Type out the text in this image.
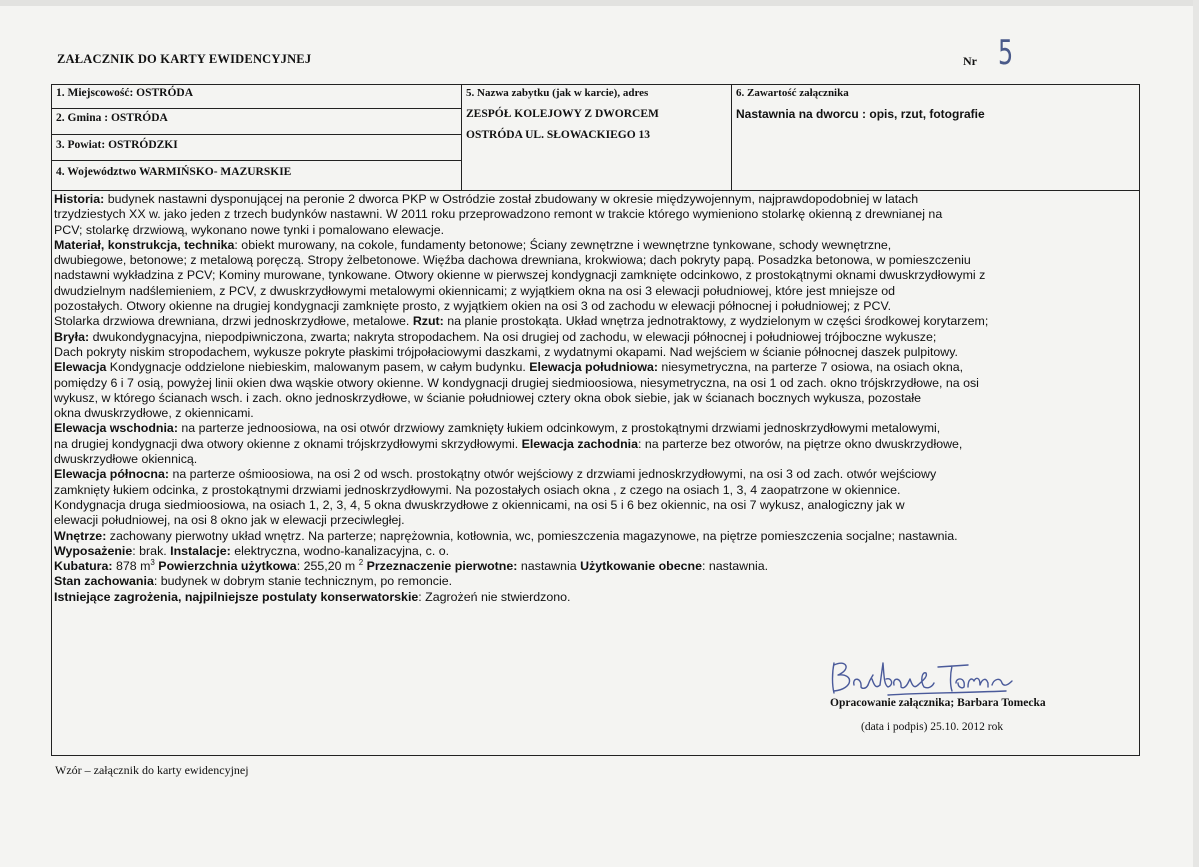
ZAŁACZNIK DO KARTY EWIDENCYJNEJ	Nr 5
1. Miejscowość: OSTRÓDA
2. Gmina : OSTRÓDA
3. Powiat: OSTRÓDZKI
4. Województwo WARMIŃSKO- MAZURSKIE
5. Nazwa zabytku (jak w karcie), adres
ZESPÓŁ KOLEJOWY Z DWORCEM
OSTRÓDA UL. SŁOWACKIEGO 13
6. Zawartość załącznika
Nastawnia na dworcu : opis, rzut, fotografie
Historia: budynek nastawni dysponującej na peronie 2 dworca PKP w Ostródzie został zbudowany w okresie międzywojennym, najprawdopodobniej w latach
trzydziestych XX w. jako jeden z trzech budynków nastawni. W 2011 roku przeprowadzono remont w trakcie którego wymieniono stolarkę okienną z drewnianej na
PCV; stolarkę drzwiową, wykonano nowe tynki i pomalowano elewacje.
Materiał, konstrukcja, technika: obiekt murowany, na cokole, fundamenty betonowe; Ściany zewnętrzne i wewnętrzne tynkowane, schody wewnętrzne,
dwubiegowe, betonowe; z metalową poręczą. Stropy żelbetonowe. Więźba dachowa drewniana, krokwiowa; dach pokryty papą. Posadzka betonowa, w pomieszczeniu
nadstawni wykładzina z PCV; Kominy murowane, tynkowane. Otwory okienne w pierwszej kondygnacji zamknięte odcinkowo, z prostokątnymi oknami dwuskrzydłowymi z
dwudzielnym nadślemieniem, z PCV, z dwuskrzydłowymi metalowymi okiennicami; z wyjątkiem okna na osi 3 elewacji południowej, które jest mniejsze od
pozostałych. Otwory okienne na drugiej kondygnacji zamknięte prosto, z wyjątkiem okien na osi 3 od zachodu w elewacji północnej i południowej; z PCV.
Stolarka drzwiowa drewniana, drzwi jednoskrzydłowe, metalowe. Rzut: na planie prostokąta. Układ wnętrza jednotraktowy, z wydzielonym w części środkowej korytarzem;
Bryła: dwukondygnacyjna, niepodpiwniczona, zwarta; nakryta stropodachem. Na osi drugiej od zachodu, w elewacji północnej i południowej trójboczne wykusze;
Dach pokryty niskim stropodachem, wykusze pokryte płaskimi trójpołaciowymi daszkami, z wydatnymi okapami. Nad wejściem w ścianie północnej daszek pulpitowy.
Elewacja Kondygnacje oddzielone niebieskim, malowanym pasem, w całym budynku. Elewacja południowa: niesymetryczna, na parterze 7 osiowa, na osiach okna,
pomiędzy 6 i 7 osią, powyżej linii okien dwa wąskie otwory okienne. W kondygnacji drugiej siedmioosiowa, niesymetryczna, na osi 1 od zach. okno trójskrzydłowe, na osi
wykusz, w którego ścianach wsch. i zach. okno jednoskrzydłowe, w ścianie południowej cztery okna obok siebie, jak w ścianach bocznych wykusza, pozostałe
okna dwuskrzydłowe, z okiennicami.
Elewacja wschodnia: na parterze jednoosiowa, na osi otwór drzwiowy zamknięty łukiem odcinkowym, z prostokątnymi drzwiami jednoskrzydłowymi metalowymi,
na drugiej kondygnacji dwa otwory okienne z oknami trójskrzydłowymi skrzydłowymi. Elewacja zachodnia: na parterze bez otworów, na piętrze okno dwuskrzydłowe,
dwuskrzydłowe okiennicą.
Elewacja północna: na parterze ośmioosiowa, na osi 2 od wsch. prostokątny otwór wejściowy z drzwiami jednoskrzydłowymi, na osi 3 od zach. otwór wejściowy
zamknięty łukiem odcinka, z prostokątnymi drzwiami jednoskrzydłowymi. Na pozostałych osiach okna , z czego na osiach 1, 3, 4 zaopatrzone w okiennice.
Kondygnacja druga siedmioosiowa, na osiach 1, 2, 3, 4, 5 okna dwuskrzydłowe z okiennicami, na osi 5 i 6 bez okiennic, na osi 7 wykusz, analogiczny jak w
elewacji południowej, na osi 8 okno jak w elewacji przeciwległej.
Wnętrze: zachowany pierwotny układ wnętrz. Na parterze; naprężownia, kotłownia, wc, pomieszczenia magazynowe, na piętrze pomieszczenia socjalne; nastawnia.
Wyposażenie: brak. Instalacje: elektryczna, wodno-kanalizacyjna, c. o.
Kubatura: 878 $m^3$ Powierzchnia użytkowa: 255,20 m $^2$ Przeznaczenie pierwotne: nastawnia Użytkowanie obecne: nastawnia.
Stan zachowania: budynek w dobrym stanie technicznym, po remoncie.
Istniejące zagrożenia, najpilniejsze postulaty konserwatorskie: Zagrożeń nie stwierdzono.
Opracowanie załącznika; Barbara Tomecka
(data i podpis) 25.10. 2012 rok
Wzór – załącznik do karty ewidencyjnej
